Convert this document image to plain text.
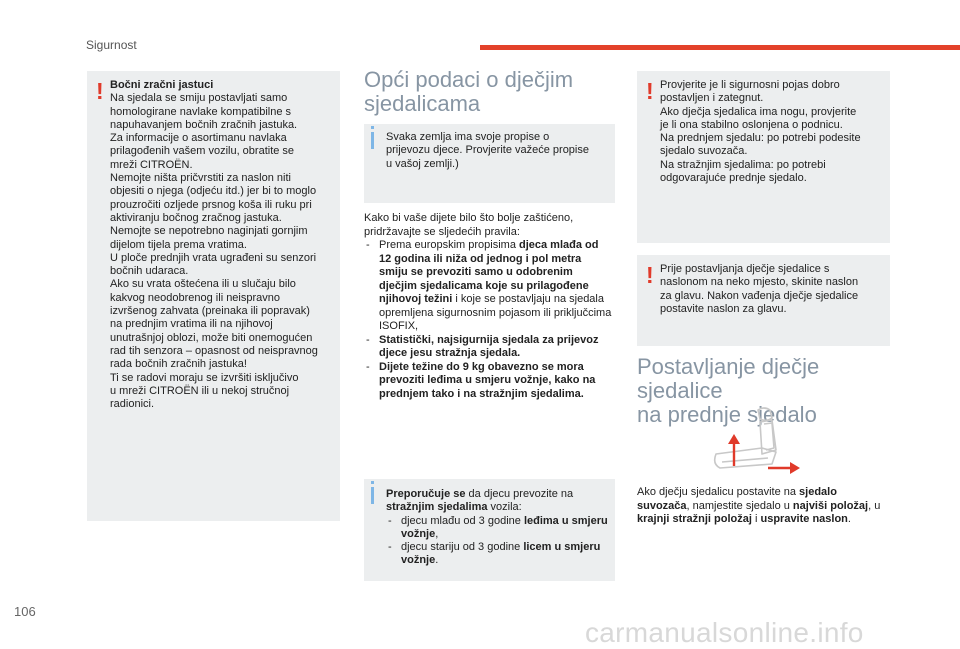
Sigurnost
! Bočni zračni jastuci
Na sjedala se smiju postavljati samo
homologirane navlake kompatibilne s
napuhavanjem bočnih zračnih jastuka.
Za informacije o asortimanu navlaka
prilagođenih vašem vozilu, obratite se
mreži CITROËN.
Nemojte ništa pričvrstiti za naslon niti
objesiti o njega (odjeću itd.) jer bi to moglo
prouzročiti ozljede prsnog koša ili ruku pri
aktiviranju bočnog zračnog jastuka.
Nemojte se nepotrebno naginjati gornjim
dijelom tijela prema vratima.
U ploče prednjih vrata ugrađeni su senzori
bočnih udaraca.
Ako su vrata oštećena ili u slučaju bilo
kakvog neodobrenog ili neispravno
izvršenog zahvata (preinaka ili popravak)
na prednjim vratima ili na njihovoj
unutrašnjoj oblozi, može biti onemogućen
rad tih senzora – opasnost od neispravnog
rada bočnih zračnih jastuka!
Ti se radovi moraju se izvršiti isključivo
u mreži CITROËN ili u nekoj stručnoj
radionici.
Opći podaci o dječjim
sjedalicama
Svaka zemlja ima svoje propise o
prijevozu djece. Provjerite važeće propise
u vašoj zemlji.)
Kako bi vaše dijete bilo što bolje zaštićeno,
pridržavajte se sljedećih pravila:
- Prema europskim propisima djeca mlađa od 12 godina ili niža od jednog i pol metra smiju se prevoziti samo u odobrenim dječjim sjedalicama koje su prilagođene njihovoj težini i koje se postavljaju na sjedala opremljena sigurnosnim pojasom ili priključcima ISOFIX,
- Statistički, najsigurnija sjedala za prijevoz djece jesu stražnja sjedala.
- Dijete težine do 9 kg obavezno se mora prevoziti leđima u smjeru vožnje, kako na prednjem tako i na stražnjim sjedalima.
Preporučuje se da djecu prevozite na
stražnjim sjedalima vozila:
- djecu mlađu od 3 godine leđima u smjeru vožnje,
- djecu stariju od 3 godine licem u smjeru vožnje.
! Provjerite je li sigurnosni pojas dobro
postavljen i zategnut.
Ako dječja sjedalica ima nogu, provjerite
je li ona stabilno oslonjena o podnicu.
Na prednjem sjedalu: po potrebi podesite
sjedalo suvozača.
Na stražnjim sjedalima: po potrebi
odgovarajuće prednje sjedalo.
! Prije postavljanja dječje sjedalice s
naslonom na neko mjesto, skinite naslon
za glavu. Nakon vađenja dječje sjedalice
postavite naslon za glavu.
Postavljanje dječje sjedalice
na prednje sjedalo
Ako dječju sjedalicu postavite na sjedalo suvozača, namjestite sjedalo u najviši položaj, u krajnji stražnji položaj i uspravite naslon.
106
carmanualsonline.info
